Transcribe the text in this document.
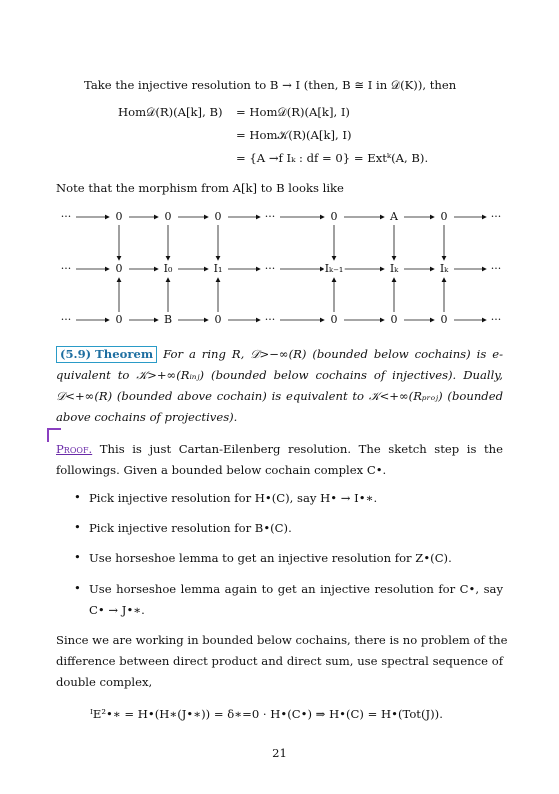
Take the injective resolution to B → I (then, B ≅ I in 𝒟(K)), then
Hom𝒟(R)(A[k], B) = Hom𝒟(R)(A[k], I)
= Hom𝒦(R)(A[k], I)
= {A →f Iₖ : df = 0} = Extᵏ(A, B).
Note that the morphism from A[k] to B looks like
···	0	0	0	···	0	A	0	···
···	0	I₀	I₁	···	Iₖ₋₁	Iₖ	Iₖ	···
···	0	B	0	···	0	0	0	···
(5.9) Theorem For a ring R, 𝒟>−∞(R) (bounded below cochains) is e-
quivalent to 𝒦>+∞(Rᵢₙⱼ) (bounded below cochains of injectives). Dually,
𝒟<+∞(R) (bounded above cochain) is equivalent to 𝒦<+∞(Rₚᵣₒⱼ) (bounded
above cochains of projectives).
Proof. This is just Cartan-Eilenberg resolution. The sketch step is the
followings. Given a bounded below cochain complex C•.
• Pick injective resolution for H•(C), say H• → I•∗.
• Pick injective resolution for B•(C).
• Use horseshoe lemma to get an injective resolution for Z•(C).
• Use horseshoe lemma again to get an injective resolution for C•, say
C• → J•∗.
Since we are working in bounded below cochains, there is no problem of the
difference between direct product and direct sum, use spectral sequence of
double complex,
ᴵE²•∗ = H•(H∗(J•∗)) = δ∗=0 · H•(C•) ⇒ H•(C) = H•(Tot(J)).
21
